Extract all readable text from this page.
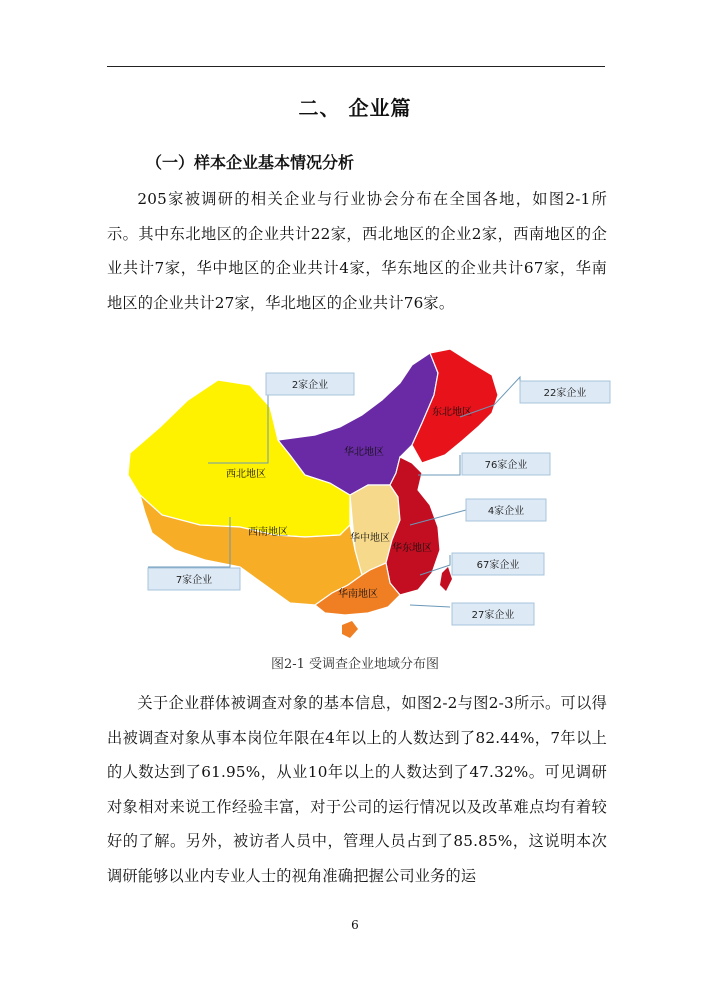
二、 企业篇
（一）样本企业基本情况分析

205家被调研的相关企业与行业协会分布在全国各地，如图2-1所示。其中东北地区的企业共计22家，西北地区的企业2家，西南地区的企业共计7家，华中地区的企业共计4家，华东地区的企业共计67家，华南地区的企业共计27家，华北地区的企业共计76家。

东北地区
华北地区
西北地区
西南地区
华中地区
华东地区
华南地区
2家企业
22家企业
76家企业
4家企业
67家企业
27家企业
7家企业
图2-1 受调查企业地域分布图

关于企业群体被调查对象的基本信息，如图2-2与图2-3所示。可以得出被调查对象从事本岗位年限在4年以上的人数达到了82.44%，7年以上的人数达到了61.95%，从业10年以上的人数达到了47.32%。可见调研对象相对来说工作经验丰富，对于公司的运行情况以及改革难点均有着较好的了解。另外，被访者人员中，管理人员占到了85.85%，这说明本次调研能够以业内专业人士的视角准确把握公司业务的运

6
